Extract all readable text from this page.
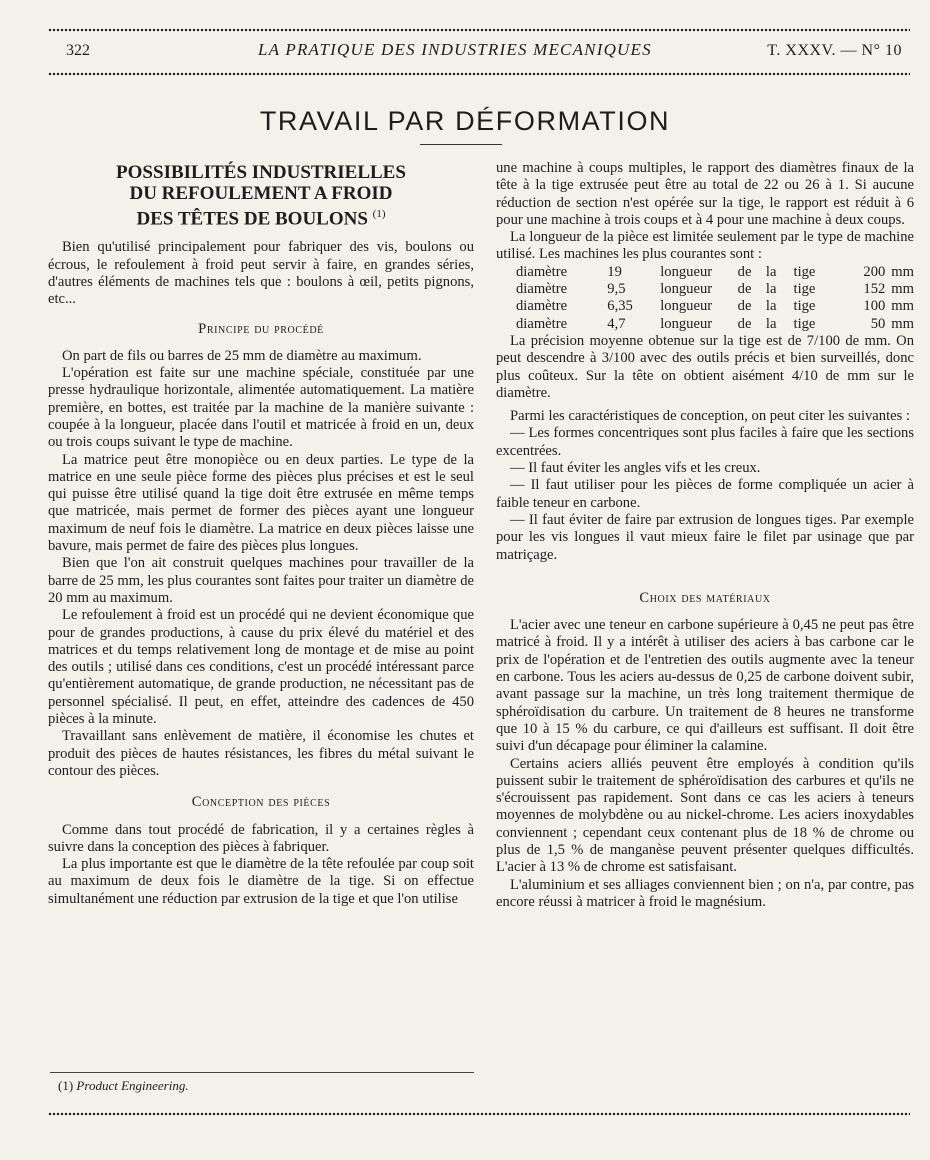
322	LA PRATIQUE DES INDUSTRIES MECANIQUES	T. XXXV. — N° 10
TRAVAIL PAR DÉFORMATION
POSSIBILITÉS INDUSTRIELLES
DU REFOULEMENT A FROID
DES TÊTES DE BOULONS $^{(1)}$

Bien qu'utilisé principalement pour fabriquer des vis, boulons ou écrous, le refoulement à froid peut servir à faire, en grandes séries, d'autres éléments de machines tels que : boulons à œil, petits pignons, etc...

Principe du procédé

On part de fils ou barres de 25 mm de diamètre au maximum.

L'opération est faite sur une machine spéciale, constituée par une presse hydraulique horizontale, alimentée automatiquement. La matière première, en bottes, est traitée par la machine de la manière suivante : coupée à la longueur, placée dans l'outil et matricée à froid en un, deux ou trois coups suivant le type de machine.

La matrice peut être monopièce ou en deux parties. Le type de la matrice en une seule pièce forme des pièces plus précises et est le seul qui puisse être utilisé quand la tige doit être extrusée en même temps que matricée, mais permet de former des pièces ayant une longueur maximum de neuf fois le diamètre. La matrice en deux pièces laisse une bavure, mais permet de faire des pièces plus longues.

Bien que l'on ait construit quelques machines pour travailler de la barre de 25 mm, les plus courantes sont faites pour traiter un diamètre de 20 mm au maximum.

Le refoulement à froid est un procédé qui ne devient économique que pour de grandes productions, à cause du prix élevé du matériel et des matrices et du temps relativement long de montage et de mise au point des outils ; utilisé dans ces conditions, c'est un procédé intéressant parce qu'entièrement automatique, de grande production, ne nécessitant pas de personnel spécialisé. Il peut, en effet, atteindre des cadences de 450 pièces à la minute.

Travaillant sans enlèvement de matière, il économise les chutes et produit des pièces de hautes résistances, les fibres du métal suivant le contour des pièces.

Conception des pièces

Comme dans tout procédé de fabrication, il y a certaines règles à suivre dans la conception des pièces à fabriquer.

La plus importante est que le diamètre de la tête refoulée par coup soit au maximum de deux fois le diamètre de la tige. Si on effectue simultanément une réduction par extrusion de la tige et que l'on utilise

une machine à coups multiples, le rapport des diamètres finaux de la tête à la tige extrusée peut être au total de 22 ou 26 à 1. Si aucune réduction de section n'est opérée sur la tige, le rapport est réduit à 6 pour une machine à trois coups et à 4 pour une machine à deux coups.

La longueur de la pièce est limitée seulement par le type de machine utilisé. Les machines les plus courantes sont :

diamètre	19	longueur	de	la	tige	200	mm
diamètre	9,5	longueur	de	la	tige	152	mm
diamètre	6,35	longueur	de	la	tige	100	mm
diamètre	4,7	longueur	de	la	tige	50	mm

La précision moyenne obtenue sur la tige est de 7/100 de mm. On peut descendre à 3/100 avec des outils précis et bien surveillés, donc plus coûteux. Sur la tête on obtient aisément 4/10 de mm sur le diamètre.

Parmi les caractéristiques de conception, on peut citer les suivantes :

— Les formes concentriques sont plus faciles à faire que les sections excentrées.

— Il faut éviter les angles vifs et les creux.

— Il faut utiliser pour les pièces de forme compliquée un acier à faible teneur en carbone.

— Il faut éviter de faire par extrusion de longues tiges. Par exemple pour les vis longues il vaut mieux faire le filet par usinage que par matriçage.

Choix des matériaux

L'acier avec une teneur en carbone supérieure à 0,45 ne peut pas être matricé à froid. Il y a intérêt à utiliser des aciers à bas carbone car le prix de l'opération et de l'entretien des outils augmente avec la teneur en carbone. Tous les aciers au-dessus de 0,25 de carbone doivent subir, avant passage sur la machine, un très long traitement thermique de sphéroïdisation du carbure. Un traitement de 8 heures ne transforme que 10 à 15 % du carbure, ce qui d'ailleurs est suffisant. Il doit être suivi d'un décapage pour éliminer la calamine.

Certains aciers alliés peuvent être employés à condition qu'ils puissent subir le traitement de sphéroïdisation des carbures et qu'ils ne s'écrouissent pas rapidement. Sont dans ce cas les aciers à teneurs moyennes de molybdène ou au nickel-chrome. Les aciers inoxydables conviennent ; cependant ceux contenant plus de 18 % de chrome ou plus de 1,5 % de manganèse peuvent présenter quelques difficultés. L'acier à 13 % de chrome est satisfaisant.

L'aluminium et ses alliages conviennent bien ; on n'a, par contre, pas encore réussi à matricer à froid le magnésium.

(1) Product Engineering.
